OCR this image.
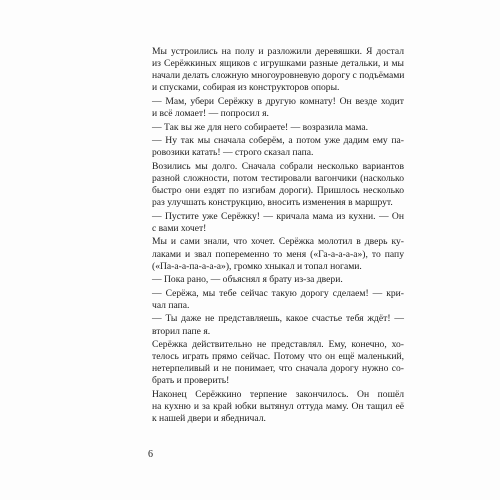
Мы устроились на полу и разложили деревяшки. Я достал
из Серёжкиных ящиков с игрушками разные детальки, и мы
начали делать сложную многоуровневую дорогу с подъёмами
и спусками, собирая из конструкторов опоры.
— Мам, убери Серёжку в другую комнату! Он везде ходит
и всё ломает! — попросил я.
— Так вы же для него собираете! — возразила мама.
— Ну так мы сначала соберём, а потом уже дадим ему па-
ровозики катать! — строго сказал папа.
Возились мы долго. Сначала собрали несколько вариантов
разной сложности, потом тестировали вагончики (насколько
быстро они ездят по изгибам дороги). Пришлось несколько
раз улучшать конструкцию, вносить изменения в маршрут.
— Пустите уже Серёжку! — кричала мама из кухни. — Он
с вами хочет!
Мы и сами знали, что хочет. Серёжка молотил в дверь ку-
лаками и звал попеременно то меня («Га-а-а-а-а»), то папу
(«Па-а-а-па-а-а-а»), громко хныкал и топал ногами.
— Пока рано, — объяснял я брату из-за двери.
— Серёжа, мы тебе сейчас такую дорогу сделаем! — кри-
чал папа.
— Ты даже не представляешь, какое счастье тебя ждёт! —
вторил папе я.
Серёжка действительно не представлял. Ему, конечно, хо-
телось играть прямо сейчас. Потому что он ещё маленький,
нетерпеливый и не понимает, что сначала дорогу нужно со-
брать и проверить!
Наконец Серёжкино терпение закончилось. Он пошёл
на кухню и за край юбки вытянул оттуда маму. Он тащил её
к нашей двери и ябедничал.
6
